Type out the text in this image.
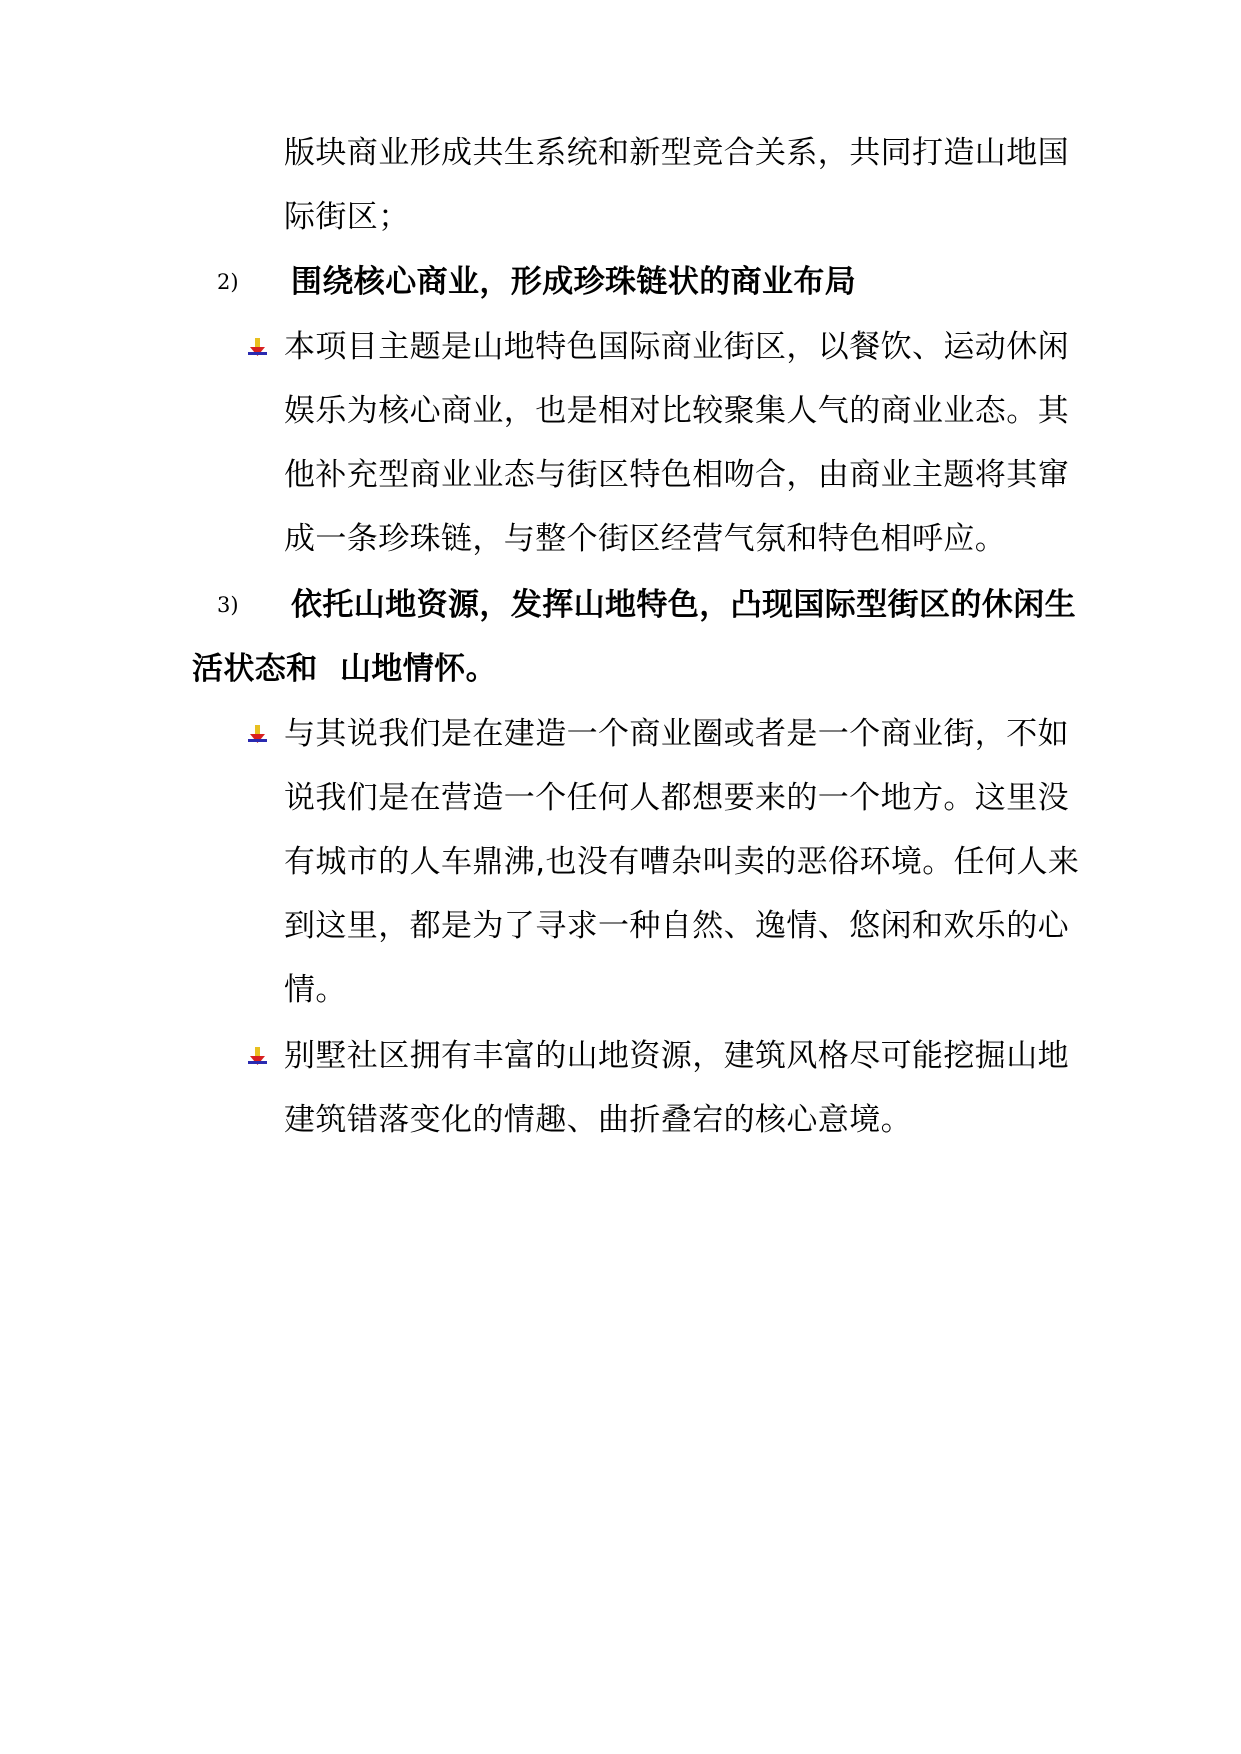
版块商业形成共生系统和新型竞合关系，共同打造山地国
际街区；
2) 围绕核心商业，形成珍珠链状的商业布局
本项目主题是山地特色国际商业街区，以餐饮、运动休闲
娱乐为核心商业，也是相对比较聚集人气的商业业态。其
他补充型商业业态与街区特色相吻合，由商业主题将其窜
成一条珍珠链，与整个街区经营气氛和特色相呼应。
3) 依托山地资源，发挥山地特色，凸现国际型街区的休闲生
活状态和  山地情怀。
与其说我们是在建造一个商业圈或者是一个商业街，不如
说我们是在营造一个任何人都想要来的一个地方。这里没
有城市的人车鼎沸,也没有嘈杂叫卖的恶俗环境。任何人来
到这里，都是为了寻求一种自然、逸情、悠闲和欢乐的心
情。
别墅社区拥有丰富的山地资源，建筑风格尽可能挖掘山地
建筑错落变化的情趣、曲折叠宕的核心意境。
